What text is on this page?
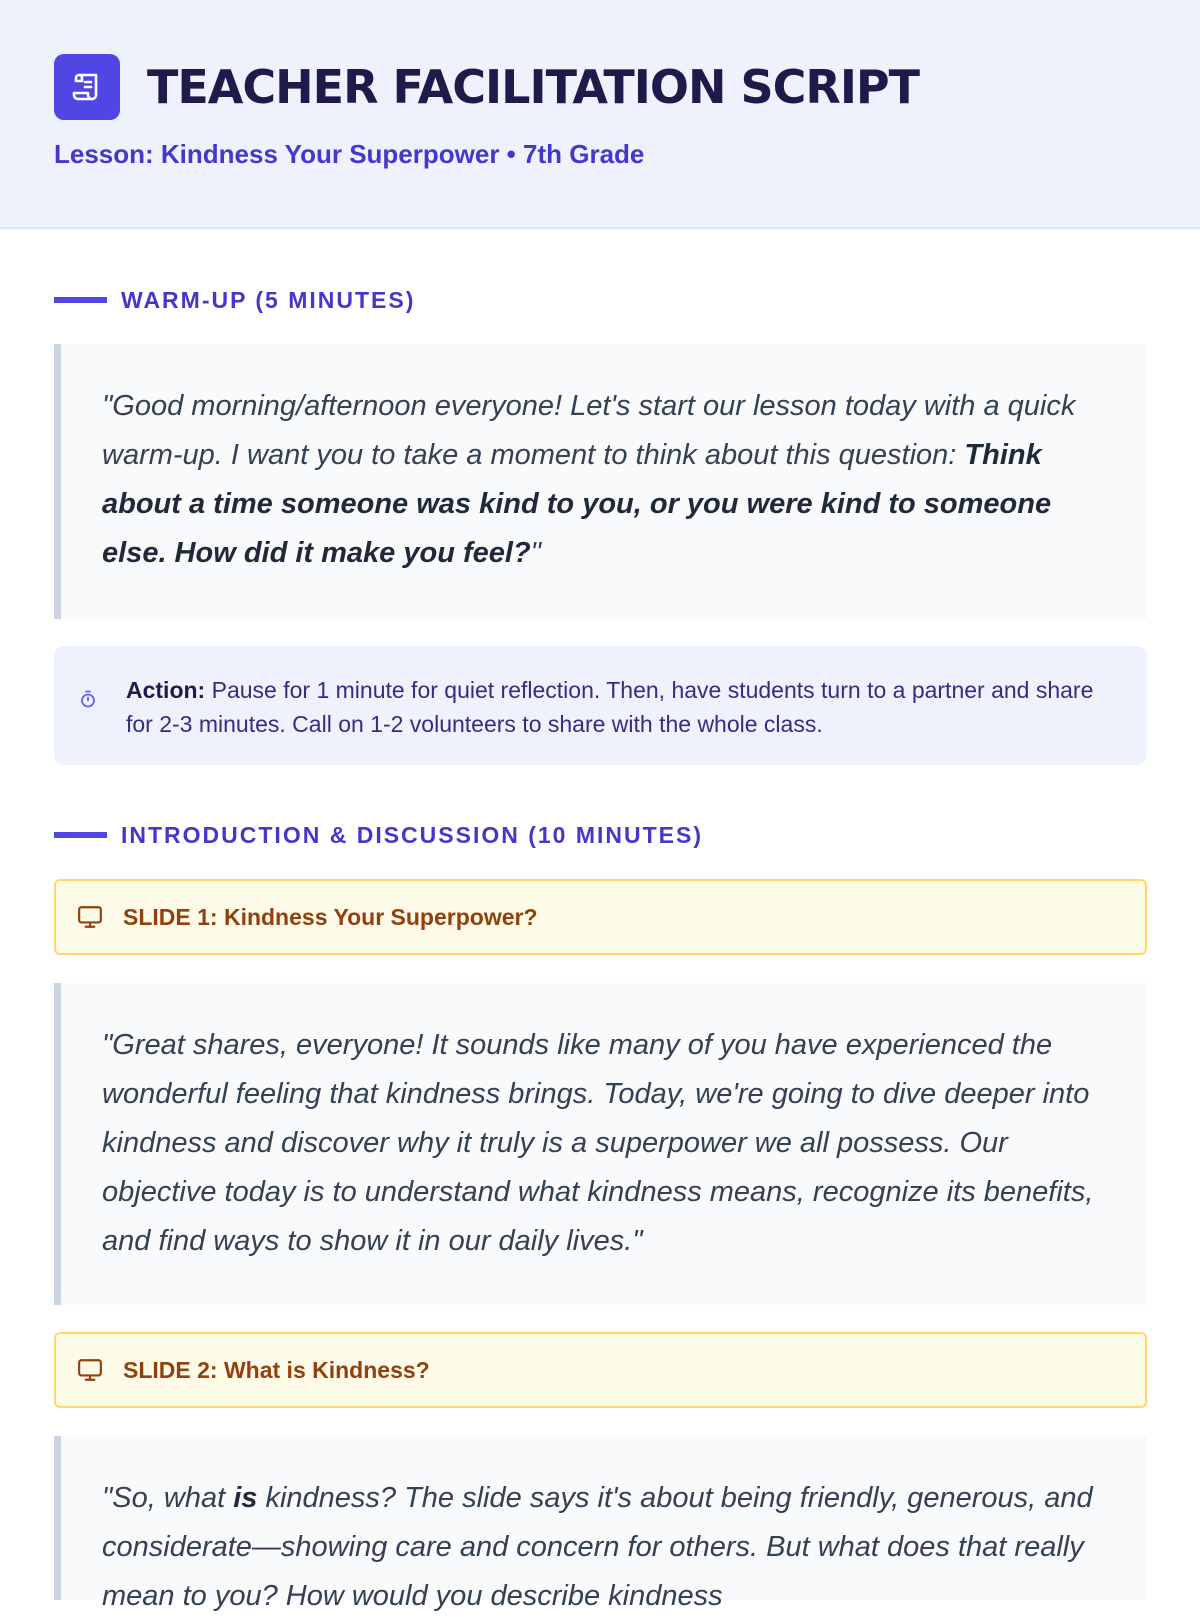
TEACHER FACILITATION SCRIPT
Lesson: Kindness Your Superpower • 7th Grade
WARM-UP (5 MINUTES)
"Good morning/afternoon everyone! Let's start our lesson today with a quick warm-up. I want you to take a moment to think about this question: Think about a time someone was kind to you, or you were kind to someone else. How did it make you feel?"
Action: Pause for 1 minute for quiet reflection. Then, have students turn to a partner and share for 2-3 minutes. Call on 1-2 volunteers to share with the whole class.
INTRODUCTION & DISCUSSION (10 MINUTES)
SLIDE 1: Kindness Your Superpower?
"Great shares, everyone! It sounds like many of you have experienced the wonderful feeling that kindness brings. Today, we're going to dive deeper into kindness and discover why it truly is a superpower we all possess. Our objective today is to understand what kindness means, recognize its benefits, and find ways to show it in our daily lives."
SLIDE 2: What is Kindness?
"So, what is kindness? The slide says it's about being friendly, generous, and considerate—showing care and concern for others. But what does that really mean to you? How would you describe kindness
